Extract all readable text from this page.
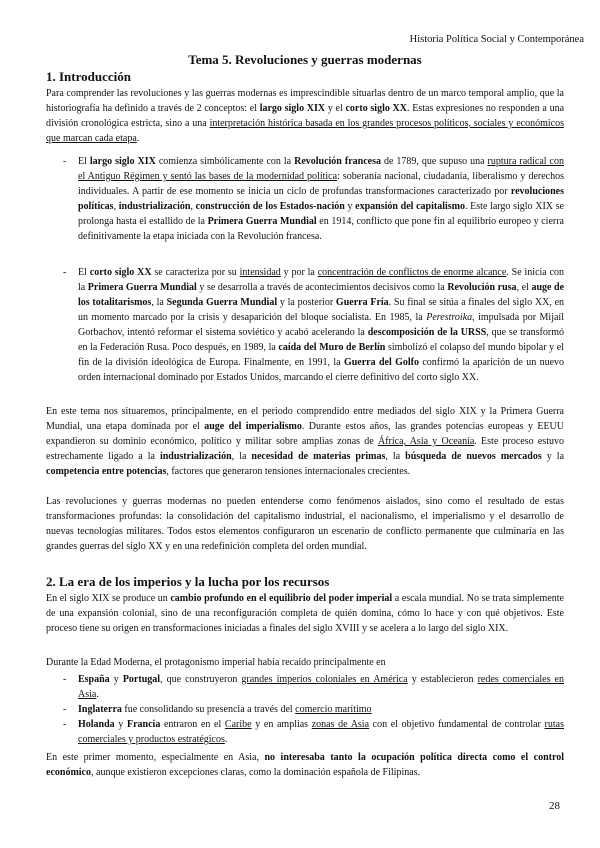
Historia Política Social y Contemporánea
Tema 5. Revoluciones y guerras modernas
1. Introducción

Para comprender las revoluciones y las guerras modernas es imprescindible situarlas dentro de un marco temporal amplio, que la historiografía ha definido a través de 2 conceptos: el largo siglo XIX y el corto siglo XX. Estas expresiones no responden a una división cronológica estricta, sino a una interpretación histórica basada en los grandes procesos políticos, sociales y económicos que marcan cada etapa.

- El largo siglo XIX comienza simbólicamente con la Revolución francesa de 1789, que supuso una ruptura radical con el Antiguo Régimen y sentó las bases de la modernidad política: soberanía nacional, ciudadanía, liberalismo y derechos individuales. A partir de ese momento se inicia un ciclo de profundas transformaciones caracterizado por revoluciones políticas, industrialización, construcción de los Estados-nación y expansión del capitalismo. Este largo siglo XIX se prolonga hasta el estallido de la Primera Guerra Mundial en 1914, conflicto que pone fin al equilibrio europeo y cierra definitivamente la etapa iniciada con la Revolución francesa.
- El corto siglo XX se caracteriza por su intensidad y por la concentración de conflictos de enorme alcance. Se inicia con la Primera Guerra Mundial y se desarrolla a través de acontecimientos decisivos como la Revolución rusa, el auge de los totalitarismos, la Segunda Guerra Mundial y la posterior Guerra Fría. Su final se sitúa a finales del siglo XX, en un momento marcado por la crisis y desaparición del bloque socialista. En 1985, la Perestroika, impulsada por Mijaíl Gorbachov, intentó reformar el sistema soviético y acabó acelerando la descomposición de la URSS, que se transformó en la Federación Rusa. Poco después, en 1989, la caída del Muro de Berlín simbolizó el colapso del mundo bipolar y el fin de la división ideológica de Europa. Finalmente, en 1991, la Guerra del Golfo confirmó la aparición de un nuevo orden internacional dominado por Estados Unidos, marcando el cierre definitivo del corto siglo XX.

En este tema nos situaremos, principalmente, en el periodo comprendido entre mediados del siglo XIX y la Primera Guerra Mundial, una etapa dominada por el auge del imperialismo. Durante estos años, las grandes potencias europeas y EEUU expandieron su dominio económico, político y militar sobre amplias zonas de África, Asia y Oceanía. Este proceso estuvo estrechamente ligado a la industrialización, la necesidad de materias primas, la búsqueda de nuevos mercados y la competencia entre potencias, factores que generaron tensiones internacionales crecientes.

Las revoluciones y guerras modernas no pueden entenderse como fenómenos aislados, sino como el resultado de estas transformaciones profundas: la consolidación del capitalismo industrial, el nacionalismo, el imperialismo y el desarrollo de nuevas tecnologías militares. Todos estos elementos configuraron un escenario de conflicto permanente que culminaría en las grandes guerras del siglo XX y en una redefinición completa del orden mundial.

2. La era de los imperios y la lucha por los recursos

En el siglo XIX se produce un cambio profundo en el equilibrio del poder imperial a escala mundial. No se trata simplemente de una expansión colonial, sino de una reconfiguración completa de quién domina, cómo lo hace y con qué objetivos. Este proceso tiene su origen en transformaciones iniciadas a finales del siglo XVIII y se acelera a lo largo del siglo XIX.

Durante la Edad Moderna, el protagonismo imperial había recaído principalmente en

- España y Portugal, que construyeron grandes imperios coloniales en América y establecieron redes comerciales en Asia.
- Inglaterra fue consolidando su presencia a través del comercio marítimo
- Holanda y Francia entraron en el Caribe y en amplias zonas de Asia con el objetivo fundamental de controlar rutas comerciales y productos estratégicos.

En este primer momento, especialmente en Asia, no interesaba tanto la ocupación política directa como el control económico, aunque existieron excepciones claras, como la dominación española de Filipinas.

28
